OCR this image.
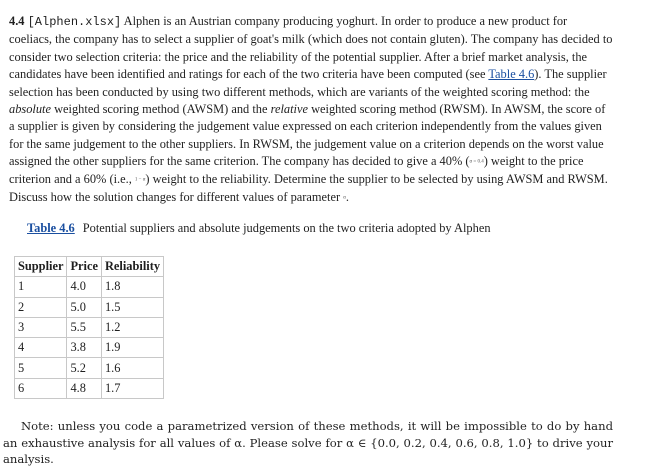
4.4 [Alphen.xlsx] Alphen is an Austrian company producing yoghurt. In order to produce a new product for coeliacs, the company has to select a supplier of goat's milk (which does not contain gluten). The company has decided to consider two selection criteria: the price and the reliability of the potential supplier. After a brief market analysis, the candidates have been identified and ratings for each of the two criteria have been computed (see Table 4.6). The supplier selection has been conducted by using two different methods, which are variants of the weighted scoring method: the absolute weighted scoring method (AWSM) and the relative weighted scoring method (RWSM). In AWSM, the score of a supplier is given by considering the judgement value expressed on each criterion independently from the values given for the same judgement to the other suppliers. In RWSM, the judgement value on a criterion depends on the worst value assigned the other suppliers for the same criterion. The company has decided to give a 40% (α = 0.4) weight to the price criterion and a 60% (i.e., 1 − α) weight to the reliability. Determine the supplier to be selected by using AWSM and RWSM. Discuss how the solution changes for different values of parameter α.

Table 4.6 Potential suppliers and absolute judgements on the two criteria adopted by Alphen

Supplier	Price	Reliability
1	4.0	1.8
2	5.0	1.5
3	5.5	1.2
4	3.8	1.9
5	5.2	1.6
6	4.8	1.7

Note: unless you code a parametrized version of these methods, it will be impossible to do by hand an exhaustive analysis for all values of α. Please solve for α ∈ {0.0, 0.2, 0.4, 0.6, 0.8, 1.0} to drive your analysis.
